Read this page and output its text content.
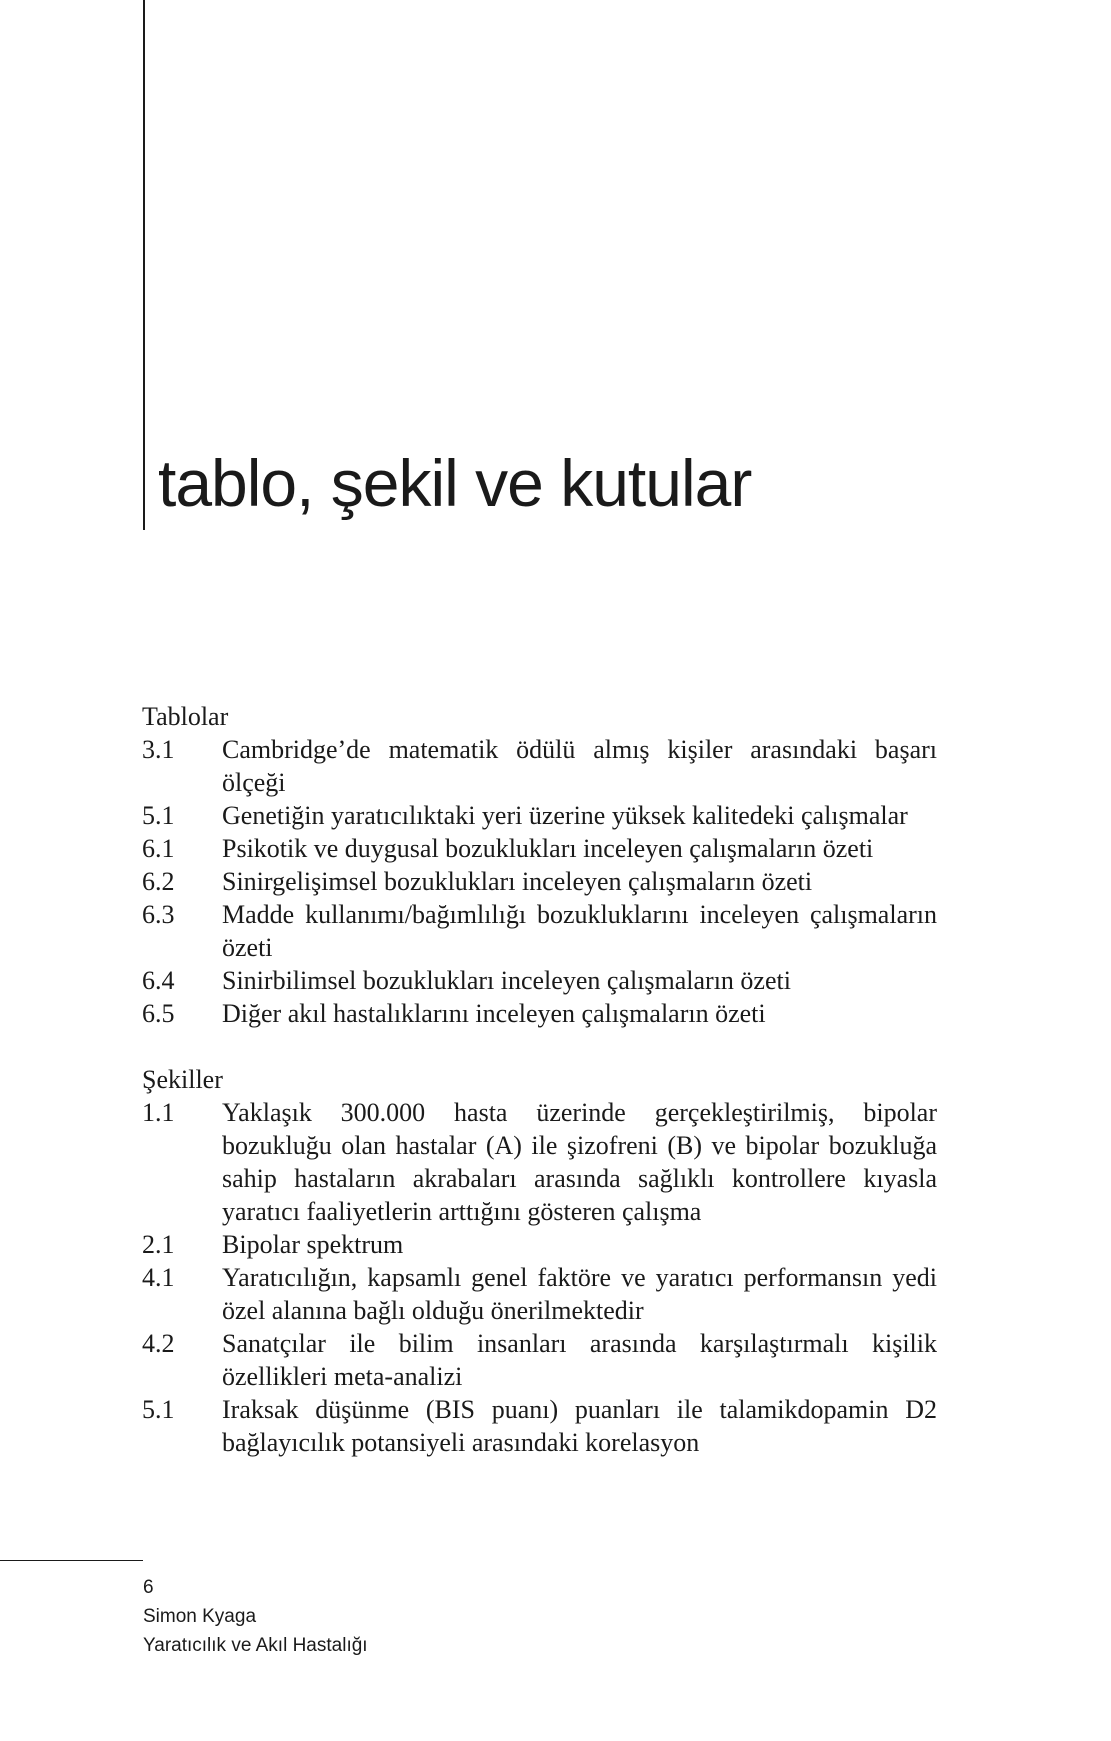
tablo, şekil ve kutular

Tablolar

3.1	Cambridge’de matematik ödülü almış kişiler arasındaki başarı ölçeği
5.1	Genetiğin yaratıcılıktaki yeri üzerine yüksek kalitedeki çalışmalar
6.1	Psikotik ve duygusal bozuklukları inceleyen çalışmaların özeti
6.2	Sinirgelişimsel bozuklukları inceleyen çalışmaların özeti
6.3	Madde kullanımı/bağımlılığı bozukluklarını inceleyen çalışmaların özeti
6.4	Sinirbilimsel bozuklukları inceleyen çalışmaların özeti
6.5	Diğer akıl hastalıklarını inceleyen çalışmaların özeti

Şekiller

1.1	Yaklaşık 300.000 hasta üzerinde gerçekleştirilmiş, bipolar bozukluğu olan hastalar (A) ile şizofreni (B) ve bipolar bozukluğa sahip hastaların akrabaları arasında sağlıklı kontrollere kıyasla yaratıcı faaliyetlerin arttığını gösteren çalışma
2.1	Bipolar spektrum
4.1	Yaratıcılığın, kapsamlı genel faktöre ve yaratıcı performansın yedi özel alanına bağlı olduğu önerilmektedir
4.2	Sanatçılar ile bilim insanları arasında karşılaştırmalı kişilik özellikleri meta-analizi
5.1	Iraksak düşünme (BIS puanı) puanları ile talamikdopamin D2 bağlayıcılık potansiyeli arasındaki korelasyon
6
Simon Kyaga
Yaratıcılık ve Akıl Hastalığı
